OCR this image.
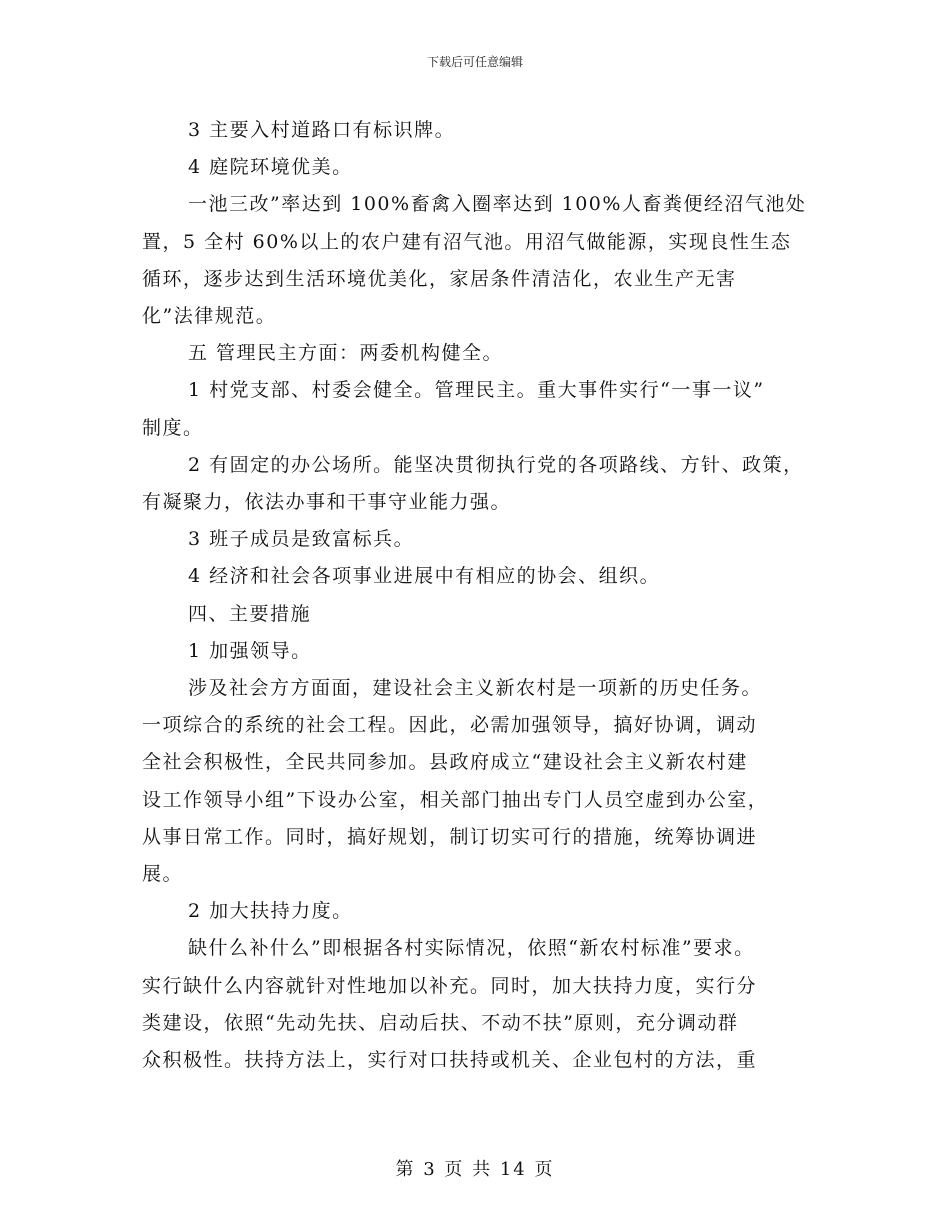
下载后可任意编辑

3 主要入村道路口有标识牌。

4 庭院环境优美。

一池三改”率达到 100%畜禽入圈率达到 100%人畜粪便经沼气池处

置，5 全村 60%以上的农户建有沼气池。用沼气做能源，实现良性生态

循环，逐步达到生活环境优美化，家居条件清洁化，农业生产无害

化”法律规范。

五 管理民主方面：两委机构健全。

1 村党支部、村委会健全。管理民主。重大事件实行“一事一议”

制度。

2 有固定的办公场所。能坚决贯彻执行党的各项路线、方针、政策，

有凝聚力，依法办事和干事守业能力强。

3 班子成员是致富标兵。

4 经济和社会各项事业进展中有相应的协会、组织。

四、主要措施

1 加强领导。

涉及社会方方面面，建设社会主义新农村是一项新的历史任务。

一项综合的系统的社会工程。因此，必需加强领导，搞好协调，调动

全社会积极性，全民共同参加。县政府成立“建设社会主义新农村建

设工作领导小组”下设办公室，相关部门抽出专门人员空虚到办公室，

从事日常工作。同时，搞好规划，制订切实可行的措施，统筹协调进

展。

2 加大扶持力度。

缺什么补什么”即根据各村实际情况，依照“新农村标准”要求。

实行缺什么内容就针对性地加以补充。同时，加大扶持力度，实行分

类建设，依照“先动先扶、启动后扶、不动不扶”原则，充分调动群

众积极性。扶持方法上，实行对口扶持或机关、企业包村的方法，重

第 3 页 共 14 页
